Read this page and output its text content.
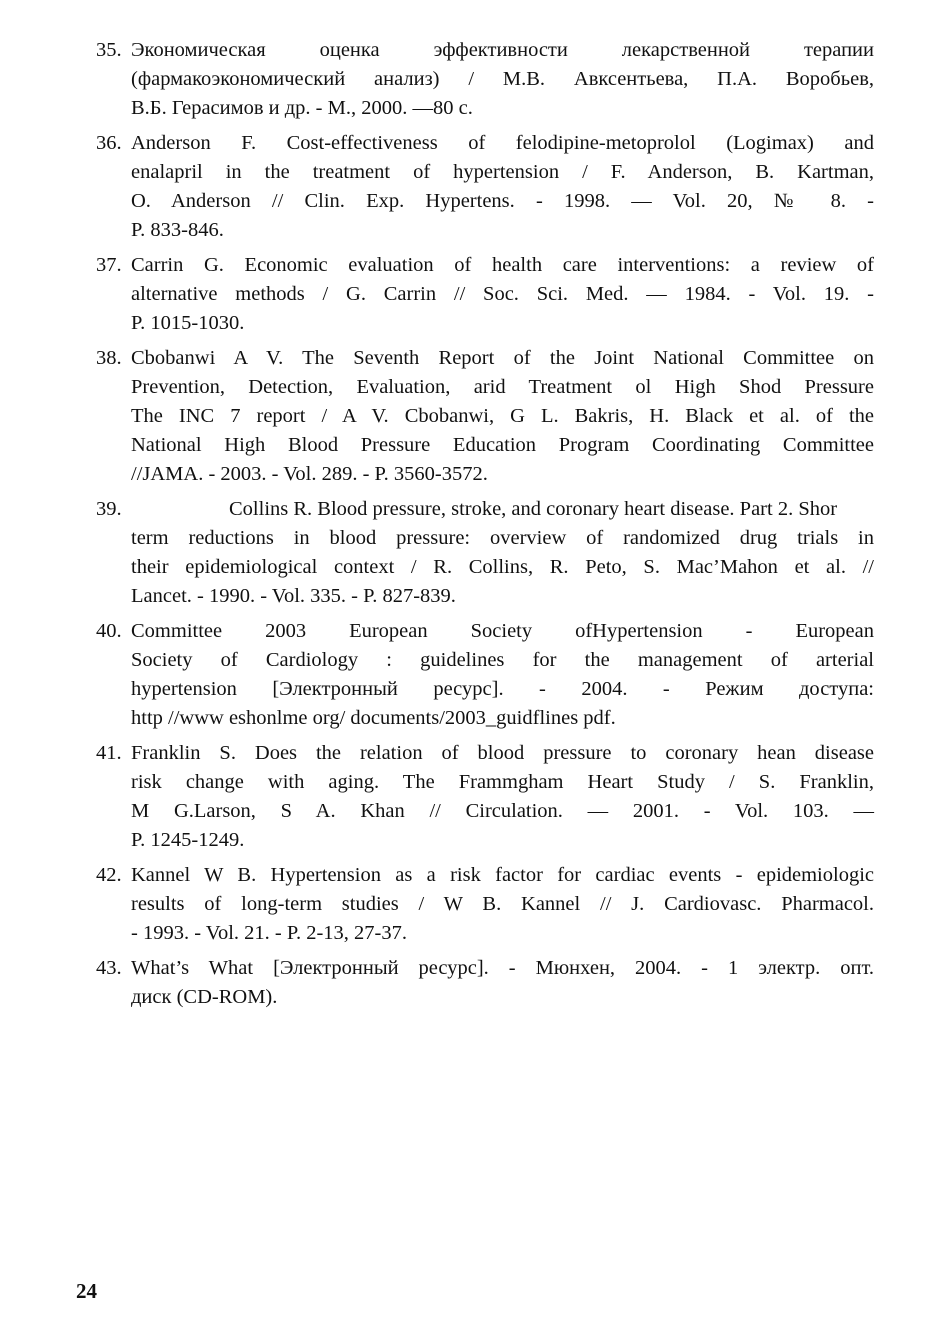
35. Экономическая оценка эффективности лекарственной терапии
(фармакоэкономический анализ) / М.В. Авксентьева, П.А. Воробьев,
В.Б. Герасимов и др. - М., 2000. —80 с.
36. Anderson F. Cost-effectiveness of felodipine-metoprolol (Logimax) and
enalapril in the treatment of hypertension / F. Anderson, B. Kartman,
O. Anderson // Clin. Exp. Hypertens. - 1998. — Vol. 20, № 8. -
P. 833-846.
37. Carrin G. Economic evaluation of health care interventions: a review of
alternative methods / G. Carrin // Soc. Sci. Med. — 1984. - Vol. 19. -
P. 1015-1030.
38. Cbobanwi A V. The Seventh Report of the Joint National Committee on
Prevention, Detection, Evaluation, arid Treatment ol High Shod Pressure
The INC 7 report / A V. Cbobanwi, G L. Bakris, H. Black et al. of the
National High Blood Pressure Education Program Coordinating Committee
//JAMA. - 2003. - Vol. 289. - P. 3560-3572.
39.	Collins R. Blood pressure, stroke, and coronary heart disease. Part 2. Shor
term reductions in blood pressure: overview of randomized drug trials in
their epidemiological context / R. Collins, R. Peto, S. Mac’Mahon et al. //
Lancet. - 1990. - Vol. 335. - P. 827-839.
40. Committee 2003 European Society ofHypertension - European
Society of Cardiology : guidelines for the management of arterial
hypertension [Электронный ресурс]. - 2004. - Режим доступа:
http //www eshonlme org/ documents/2003_guidflines pdf.
41. Franklin S. Does the relation of blood pressure to coronary hean disease
risk change with aging. The Frammgham Heart Study / S. Franklin,
M G.Larson, S A. Khan // Circulation. — 2001. - Vol. 103. —
P. 1245-1249.
42. Kannel W B. Hypertension as a risk factor for cardiac events - epidemiologic
results of long-term studies / W B. Kannel // J. Cardiovasc. Pharmacol.
- 1993. - Vol. 21. - P. 2-13, 27-37.
43. What’s What [Электронный ресурс]. - Мюнхен, 2004. - 1 электр. опт.
диск (CD-ROM).
24
